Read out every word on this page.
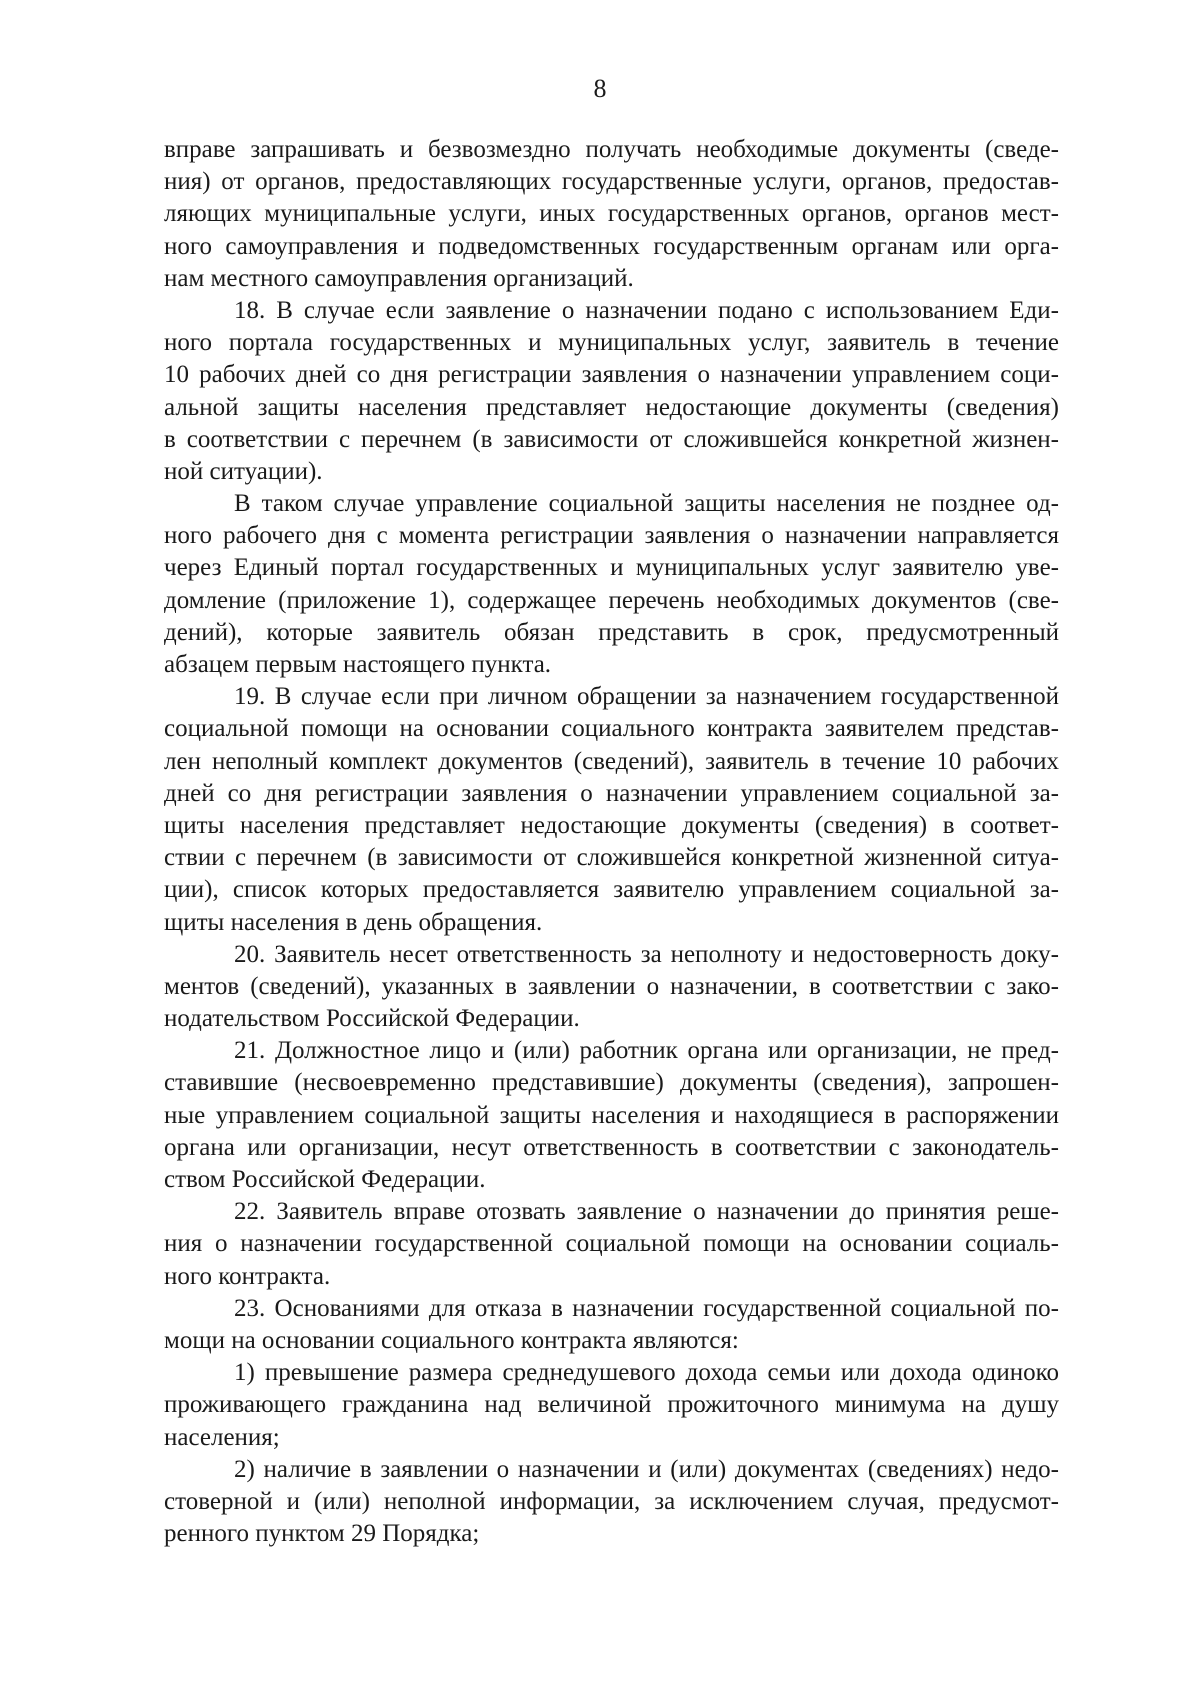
8
вправе запрашивать и безвозмездно получать необходимые документы (сведе-
ния) от органов, предоставляющих государственные услуги, органов, предостав-
ляющих муниципальные услуги, иных государственных органов, органов мест-
ного самоуправления и подведомственных государственным органам или орга-
нам местного самоуправления организаций.
18. В случае если заявление о назначении подано с использованием Еди-
ного портала государственных и муниципальных услуг, заявитель в течение
10 рабочих дней со дня регистрации заявления о назначении управлением соци-
альной защиты населения представляет недостающие документы (сведения)
в соответствии с перечнем (в зависимости от сложившейся конкретной жизнен-
ной ситуации).
В таком случае управление социальной защиты населения не позднее од-
ного рабочего дня с момента регистрации заявления о назначении направляется
через Единый портал государственных и муниципальных услуг заявителю уве-
домление (приложение 1), содержащее перечень необходимых документов (све-
дений), которые заявитель обязан представить в срок, предусмотренный
абзацем первым настоящего пункта.
19. В случае если при личном обращении за назначением государственной
социальной помощи на основании социального контракта заявителем представ-
лен неполный комплект документов (сведений), заявитель в течение 10 рабочих
дней со дня регистрации заявления о назначении управлением социальной за-
щиты населения представляет недостающие документы (сведения) в соответ-
ствии с перечнем (в зависимости от сложившейся конкретной жизненной ситуа-
ции), список которых предоставляется заявителю управлением социальной за-
щиты населения в день обращения.
20. Заявитель несет ответственность за неполноту и недостоверность доку-
ментов (сведений), указанных в заявлении о назначении, в соответствии с зако-
нодательством Российской Федерации.
21. Должностное лицо и (или) работник органа или организации, не пред-
ставившие (несвоевременно представившие) документы (сведения), запрошен-
ные управлением социальной защиты населения и находящиеся в распоряжении
органа или организации, несут ответственность в соответствии с законодатель-
ством Российской Федерации.
22. Заявитель вправе отозвать заявление о назначении до принятия реше-
ния о назначении государственной социальной помощи на основании социаль-
ного контракта.
23. Основаниями для отказа в назначении государственной социальной по-
мощи на основании социального контракта являются:
1) превышение размера среднедушевого дохода семьи или дохода одиноко
проживающего гражданина над величиной прожиточного минимума на душу
населения;
2) наличие в заявлении о назначении и (или) документах (сведениях) недо-
стоверной и (или) неполной информации, за исключением случая, предусмот-
ренного пунктом 29 Порядка;
